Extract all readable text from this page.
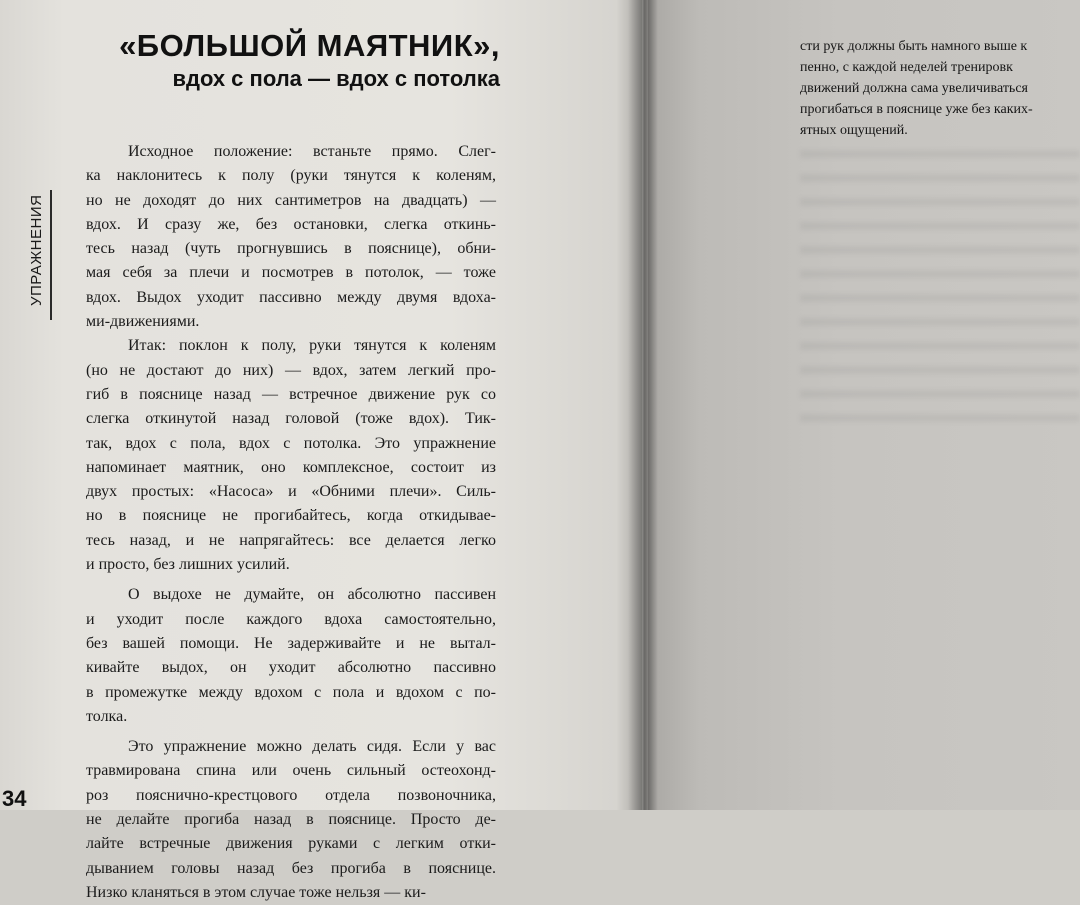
УПРАЖНЕНИЯ
34
«БОЛЬШОЙ МАЯТНИК»,
вдох с пола — вдох с потолка
Исходное положение: встаньте прямо. Слег-
ка наклонитесь к полу (руки тянутся к коленям,
но не доходят до них сантиметров на двадцать) —
вдох. И сразу же, без остановки, слегка откинь-
тесь назад (чуть прогнувшись в пояснице), обни-
мая себя за плечи и посмотрев в потолок, — тоже
вдох. Выдох уходит пассивно между двумя вдоха-
ми-движениями.
Итак: поклон к полу, руки тянутся к коленям
(но не достают до них) — вдох, затем легкий про-
гиб в пояснице назад — встречное движение рук со
слегка откинутой назад головой (тоже вдох). Тик-
так, вдох с пола, вдох с потолка. Это упражнение
напоминает маятник, оно комплексное, состоит из
двух простых: «Насоса» и «Обними плечи». Силь-
но в пояснице не прогибайтесь, когда откидывае-
тесь назад, и не напрягайтесь: все делается легко
и просто, без лишних усилий.
О выдохе не думайте, он абсолютно пассивен
и уходит после каждого вдоха самостоятельно,
без вашей помощи. Не задерживайте и не вытал-
кивайте выдох, он уходит абсолютно пассивно
в промежутке между вдохом с пола и вдохом с по-
толка.
Это упражнение можно делать сидя. Если у вас
травмирована спина или очень сильный остеохонд-
роз пояснично-крестцового отдела позвоночника,
не делайте прогиба назад в пояснице. Просто де-
лайте встречные движения руками с легким отки-
дыванием головы назад без прогиба в пояснице.
Низко кланяться в этом случае тоже нельзя — ки-
сти рук должны быть намного выше к
пенно, с каждой неделей тренировк
движений должна сама увеличиваться
прогибаться в пояснице уже без каких-
ятных ощущений.
